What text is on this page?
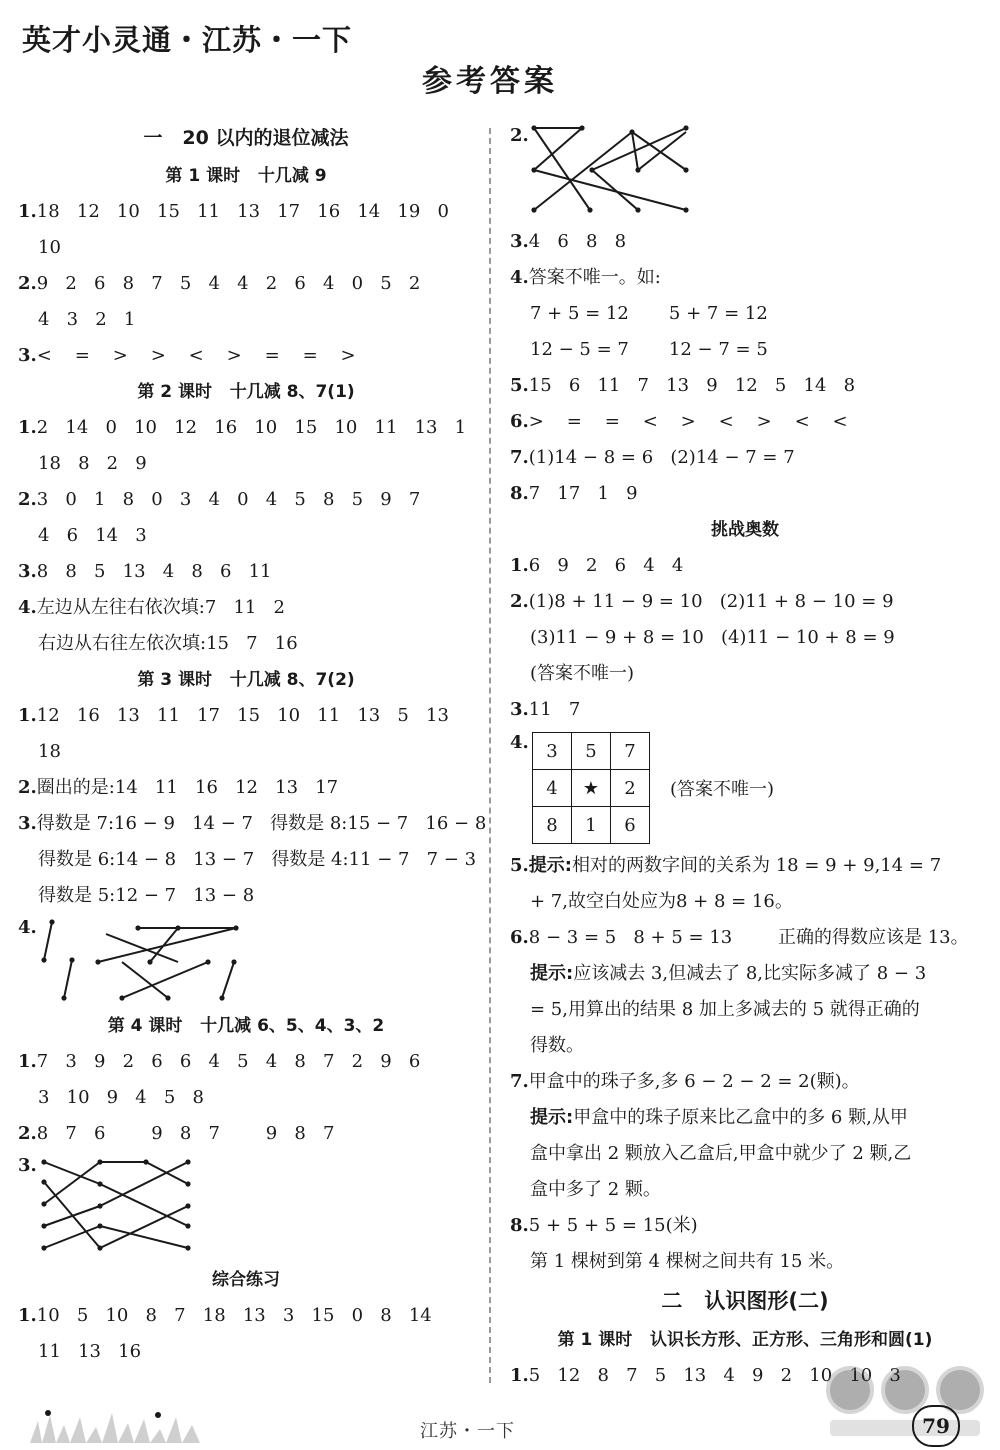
英才小灵通・江苏・一下
参考答案
一   20 以内的退位减法
第 1 课时   十几减 9
1.18   12   10   15   11   13   17   16   14   19   0
10
2.9   2   6   8   7   5   4   4   2   6   4   0   5   2
4   3   2   1
3.<    =    >    >    <    >    =    =    >
第 2 课时   十几减 8、7(1)
1.2   14   0   10   12   16   10   15   10   11   13   1
18   8   2   9
2.3   0   1   8   0   3   4   0   4   5   8   5   9   7
4   6   14   3
3.8   8   5   13   4   8   6   11
4.左边从左往右依次填:7   11   2
右边从右往左依次填:15   7   16
第 3 课时   十几减 8、7(2)
1.12   16   13   11   17   15   10   11   13   5   13
18
2.圈出的是:14   11   16   12   13   17
3.得数是 7:16 − 9   14 − 7   得数是 8:15 − 7   16 − 8
得数是 6:14 − 8   13 − 7   得数是 4:11 − 7   7 − 3
得数是 5:12 − 7   13 − 8
4.
第 4 课时   十几减 6、5、4、3、2
1.7   3   9   2   6   6   4   5   4   8   7   2   9   6
3   10   9   4   5   8
2.8   7   6        9   8   7        9   8   7
3.
综合练习
1.10   5   10   8   7   18   13   3   15   0   8   14
11   13   16
2.
3.4   6   8   8
4.答案不唯一。如:
7 + 5 = 12       5 + 7 = 12
12 − 5 = 7       12 − 7 = 5
5.15   6   11   7   13   9   12   5   14   8
6.>    =    =    <    >    <    >    <    <
7.(1)14 − 8 = 6   (2)14 − 7 = 7
8.7   17   1   9
挑战奥数
1.6   9   2   6   4   4
2.(1)8 + 11 − 9 = 10   (2)11 + 8 − 10 = 9
(3)11 − 9 + 8 = 10   (4)11 − 10 + 8 = 9
(答案不唯一)
3.11   7
4. 3	5	7
4	★	2
8	1	6
(答案不唯一)
5.提示:相对的两数字间的关系为 18 = 9 + 9,14 = 7
+ 7,故空白处应为8 + 8 = 16。
6.8 − 3 = 5   8 + 5 = 13        正确的得数应该是 13。
提示:应该减去 3,但减去了 8,比实际多减了 8 − 3
= 5,用算出的结果 8 加上多减去的 5 就得正确的
得数。
7.甲盒中的珠子多,多 6 − 2 − 2 = 2(颗)。
提示:甲盒中的珠子原来比乙盒中的多 6 颗,从甲
盒中拿出 2 颗放入乙盒后,甲盒中就少了 2 颗,乙
盒中多了 2 颗。
8.5 + 5 + 5 = 15(米)
第 1 棵树到第 4 棵树之间共有 15 米。
二   认识图形(二)
第 1 课时   认识长方形、正方形、三角形和圆(1)
1.5   12   8   7   5   13   4   9   2   10   10   3
江苏・一下	79
